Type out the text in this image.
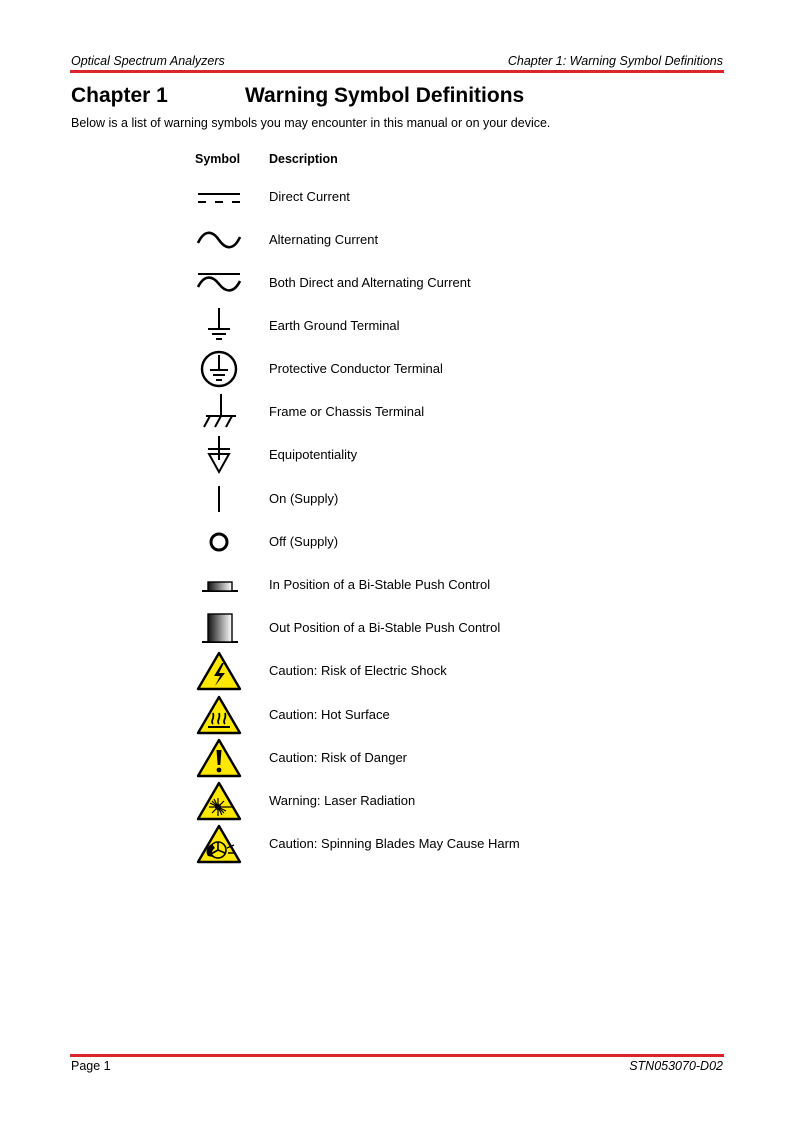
Optical Spectrum Analyzers	Chapter 1: Warning Symbol Definitions
Chapter 1	Warning Symbol Definitions
Below is a list of warning symbols you may encounter in this manual or on your device.
Symbol Description
Direct Current
Alternating Current
Both Direct and Alternating Current
Earth Ground Terminal
Protective Conductor Terminal
Frame or Chassis Terminal
Equipotentiality
On (Supply)
Off (Supply)
In Position of a Bi-Stable Push Control
Out Position of a Bi-Stable Push Control
Caution: Risk of Electric Shock
Caution: Hot Surface
Caution: Risk of Danger
Warning: Laser Radiation
Caution: Spinning Blades May Cause Harm
Page 1	STN053070-D02
